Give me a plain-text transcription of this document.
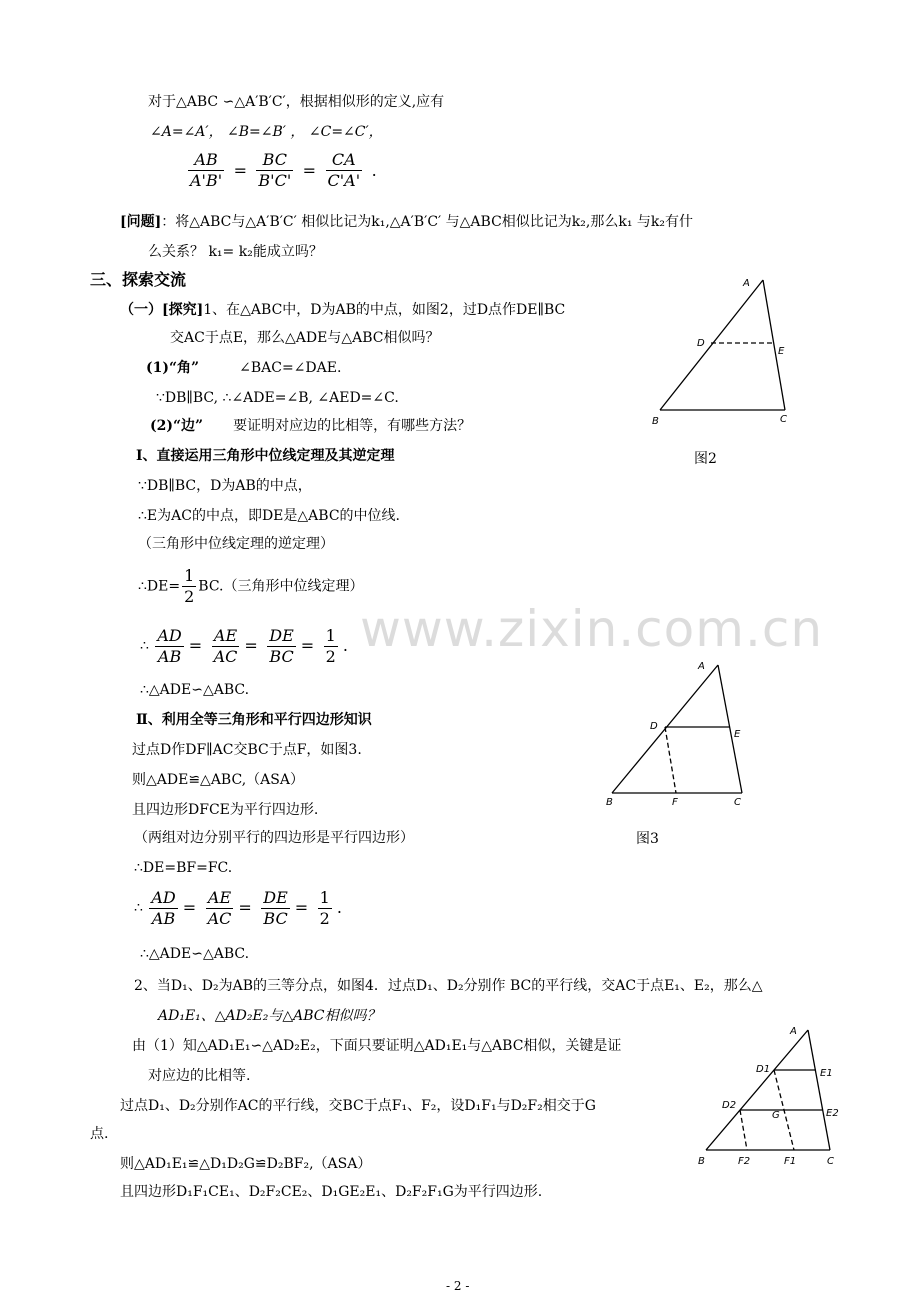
www.zixin.com.cn
对于△ABC ∽△A′B′C′，根据相似形的定义,应有
∠A=∠A′， ∠B=∠B′ ， ∠C=∠C′，
$\frac{AB}{A'B'} = \frac{BC}{B'C'} = \frac{CA}{C'A'}$ .
[问题]：将△ABC与△A′B′C′ 相似比记为k₁,△A′B′C′ 与△ABC相似比记为k₂,那么k₁ 与k₂有什
么关系？ k₁= k₂能成立吗？
三、探索交流
（一）[探究]1、在△ABC中，D为AB的中点，如图2，过D点作DE∥BC
交AC于点E，那么△ADE与△ABC相似吗？
(1)“角”	∠BAC=∠DAE.
∵DB∥BC, ∴∠ADE=∠B, ∠AED=∠C.
(2)“边” 要证明对应边的比相等，有哪些方法？
Ⅰ、直接运用三角形中位线定理及其逆定理
∵DB∥BC，D为AB的中点，
∴E为AC的中点，即DE是△ABC的中位线.
（三角形中位线定理的逆定理）
∴DE= $\frac{1}{2} BC$.（三角形中位线定理）
∴ $\frac{AD}{AB} = \frac{AE}{AC} = \frac{DE}{BC} = \frac{1}{2}$ .
∴△ADE∽△ABC.
Ⅱ、利用全等三角形和平行四边形知识
过点D作DF∥AC交BC于点F，如图3.
则△ADE≌△ABC,（ASA）
且四边形DFCE为平行四边形.
（两组对边分别平行的四边形是平行四边形）
∴DE=BF=FC.
∴ $\frac{AD}{AB} = \frac{AE}{AC} = \frac{DE}{BC} = \frac{1}{2}$ .
∴△ADE∽△ABC.
2、当D₁、D₂为AB的三等分点，如图4．过点D₁、D₂分别作 BC的平行线，交AC于点E₁、E₂，那么△
AD₁E₁、△AD₂E₂与△ABC相似吗？
由（1）知△AD₁E₁∽△AD₂E₂，下面只要证明△AD₁E₁与△ABC相似，关键是证
对应边的比相等.
过点D₁、D₂分别作AC的平行线，交BC于点F₁、F₂，设D₁F₁与D₂F₂相交于G
点.
则△AD₁E₁≌△D₁D₂G≌D₂BF₂,（ASA）
且四边形D₁F₁CE₁、D₂F₂CE₂、D₁GE₂E₁、D₂F₂F₁G为平行四边形.
- 2 -
A
B	C
D
E
图2
A
B	C
D
E
F
图3
A
B	C
D1
D2
E1
E2
F2	F1
G
